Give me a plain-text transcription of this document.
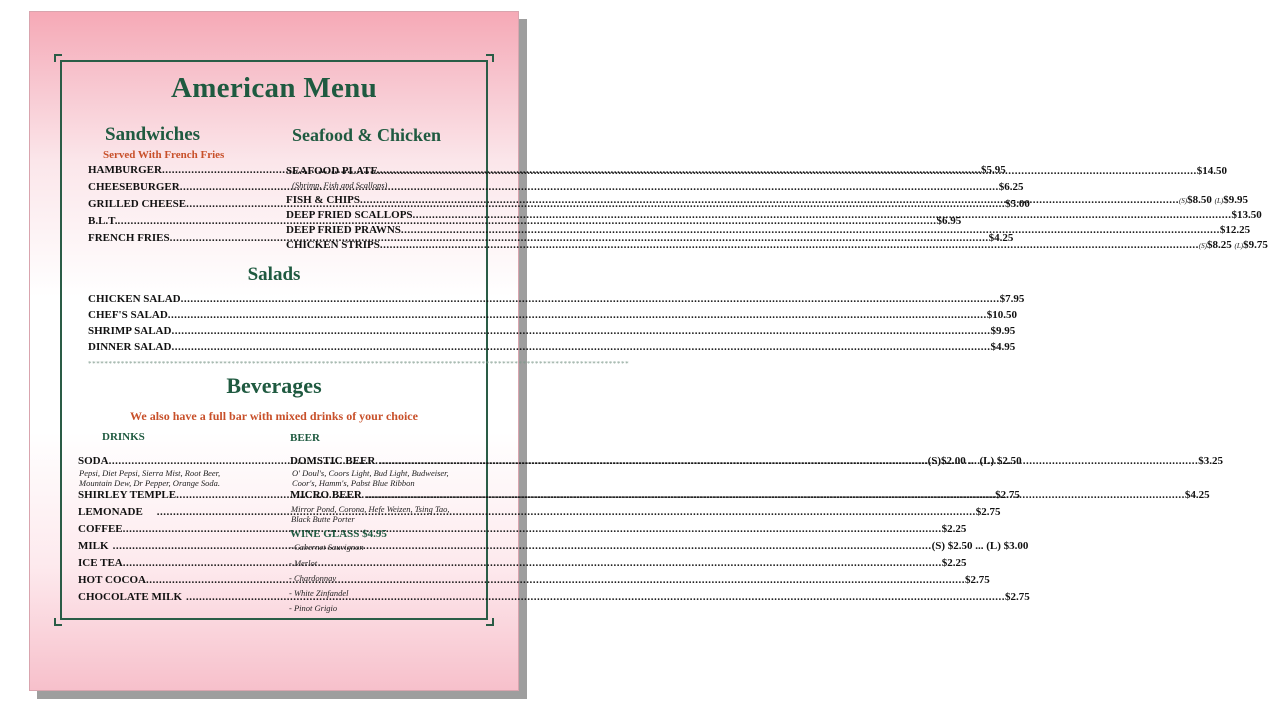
American Menu
Sandwiches
Served With French Fries
HAMBURGER .....	$5.95
CHEESEBURGER .....	$6.25
GRILLED CHEESE .....	$5.00
B.L.T. .....	$6.95
FRENCH FRIES .....	$4.25
Seafood & Chicken
SEAFOOD PLATE .....	$14.50
(Shrimp, Fish and Scallops)
FISH & CHIPS .....	(S)$8.50 (L)$9.95
DEEP FRIED SCALLOPS .....	$13.50
DEEP FRIED PRAWNS .....	$12.25
CHICKEN STRIPS .....	(S)$8.25 (L)$9.75
Salads
CHICKEN SALAD .....	$7.95
CHEF'S SALAD .....	$10.50
SHRIMP SALAD .....	$9.95
DINNER SALAD .....	$4.95
************************************************************************************************************************************
Beverages
We also have a full bar with mixed drinks of your choice
DRINKS	BEER
SODA .....	(S)$2.00 ... (L) $2.50
Pepsi, Diet Pepsi, Sierra Mist, Root Beer,
Mountain Dew, Dr Pepper, Orange Soda.
SHIRLEY TEMPLE .....	$2.75
LEMONADE .....	$2.75
COFFEE .....	$2.25
MILK .....	(S) $2.50 ... (L) $3.00
ICE TEA .....	$2.25
HOT COCOA .....	$2.75
CHOCOLATE MILK .....	$2.75
DOMSTIC BEER .....	$3.25
O' Doul's, Coors Light, Bud Light, Budweiser,
Coor's, Hamm's, Pabst Blue Ribbon
MICRO BEER .....	$4.25
Mirror Pond, Corona, Hefe Weizen, Tsing Tao,
Black Butte Porter
WINE GLASS $4.95
- Cabernet Sauvignon
- Merlot
- Chardonnay
- White Zinfandel
- Pinot Grigio
